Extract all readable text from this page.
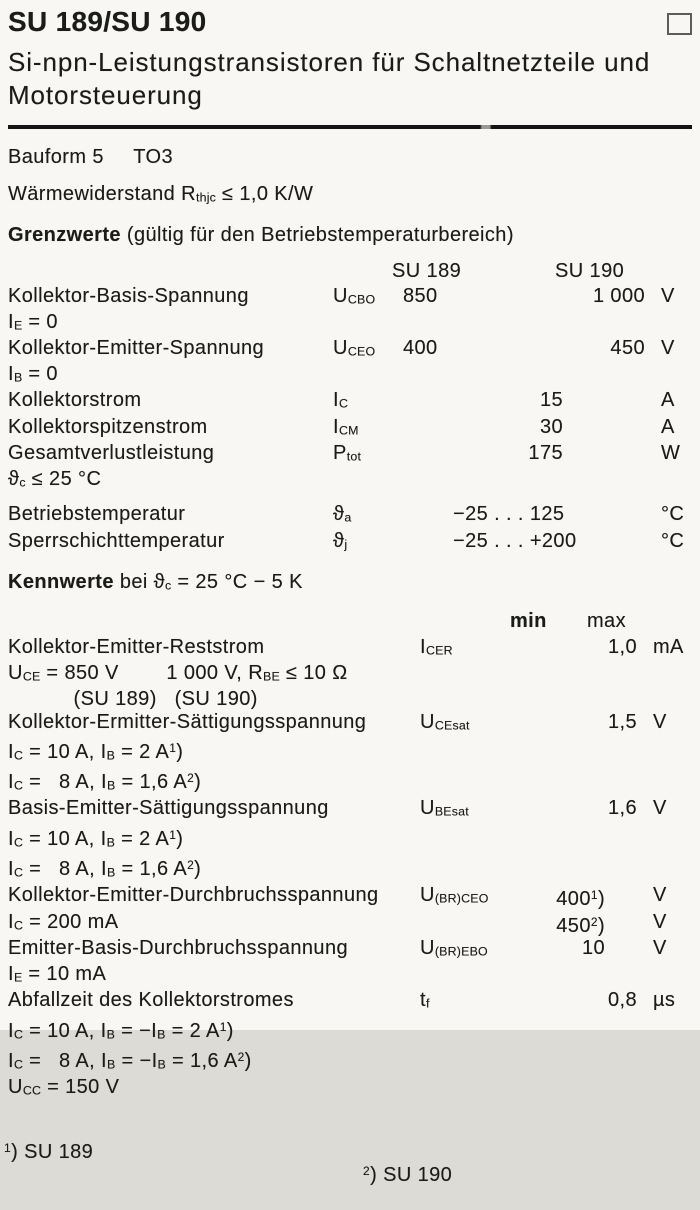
SU 189/SU 190
Si-npn-Leistungstransistoren für Schaltnetzteile und
Motorsteuerung
Bauform 5     TO3
Wärmewiderstand Rthjc ≤ 1,0 K/W
Grenzwerte (gültig für den Betriebstemperaturbereich)
SU 189	SU 190
Kollektor-Basis-Spannung	UCBO	850	1 000 V
IE = 0
Kollektor-Emitter-Spannung	UCEO	400	450 V
IB = 0
Kollektorstrom	IC	15	A
Kollektorspitzenstrom	ICM	30	A
Gesamtverlustleistung	Ptot	175	W
ϑc ≤ 25 °C
Betriebstemperatur	ϑa	−25 . . . 125	°C
Sperrschichttemperatur	ϑj	−25 . . . +200	°C
Kennwerte bei ϑc = 25 °C − 5 K
min max
Kollektor-Emitter-Reststrom	ICER	1,0 mA
UCE = 850 V        1 000 V, RBE ≤ 10 Ω
(SU 189)   (SU 190)
Kollektor-Ermitter-Sättigungsspannung	UCEsat	1,5 V
IC = 10 A, IB = 2 $A^1$)
IC =   8 A, IB = 1,6 $A^2$)
Basis-Emitter-Sättigungsspannung	UBEsat	1,6 V
IC = 10 A, IB = 2 $A^1$)
IC =   8 A, IB = 1,6 $A^2$)
Kollektor-Emitter-Durchbruchsspannung	U(BR)CEO	$400^1$)	V
IC = 200 mA	$450^2$)	V
Emitter-Basis-Durchbruchsspannung	U(BR)EBO	10	V
IE = 10 mA
Abfallzeit des Kollektorstromes	tf	0,8 µs
IC = 10 A, IB = −IB = 2 $A^1$)
IC =   8 A, IB = −IB = 1,6 $A^2$)
UCC = 150 V

$^1$) SU 189

$^2$) SU 190
